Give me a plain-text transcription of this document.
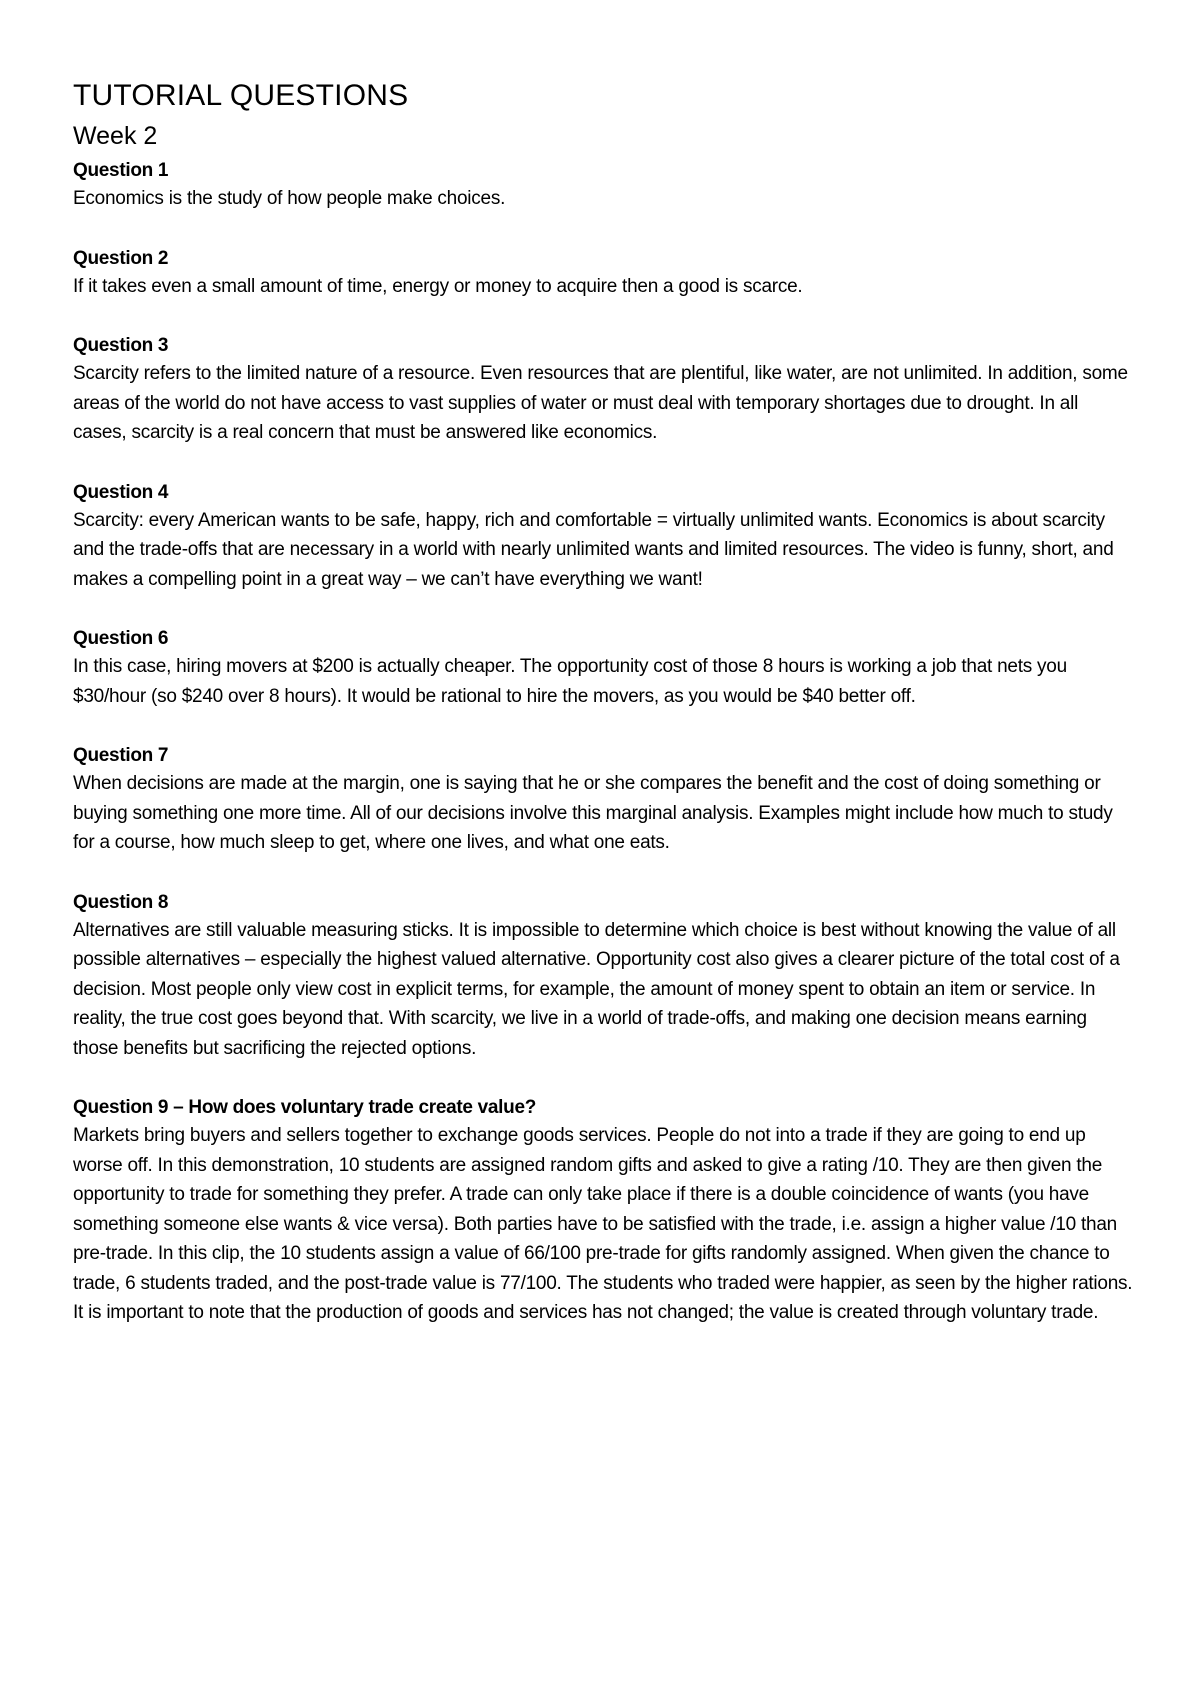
TUTORIAL QUESTIONS
Week 2
Question 1
Economics is the study of how people make choices.
Question 2
If it takes even a small amount of time, energy or money to acquire then a good is scarce.
Question 3
Scarcity refers to the limited nature of a resource. Even resources that are plentiful, like water, are not unlimited. In addition, some areas of the world do not have access to vast supplies of water or must deal with temporary shortages due to drought. In all cases, scarcity is a real concern that must be answered like economics.
Question 4
Scarcity: every American wants to be safe, happy, rich and comfortable = virtually unlimited wants. Economics is about scarcity and the trade-offs that are necessary in a world with nearly unlimited wants and limited resources. The video is funny, short, and makes a compelling point in a great way – we can’t have everything we want!
Question 6
In this case, hiring movers at $200 is actually cheaper. The opportunity cost of those 8 hours is working a job that nets you $30/hour (so $240 over 8 hours). It would be rational to hire the movers, as you would be $40 better off.
Question 7
When decisions are made at the margin, one is saying that he or she compares the benefit and the cost of doing something or buying something one more time. All of our decisions involve this marginal analysis. Examples might include how much to study for a course, how much sleep to get, where one lives, and what one eats.
Question 8
Alternatives are still valuable measuring sticks. It is impossible to determine which choice is best without knowing the value of all possible alternatives – especially the highest valued alternative. Opportunity cost also gives a clearer picture of the total cost of a decision. Most people only view cost in explicit terms, for example, the amount of money spent to obtain an item or service. In reality, the true cost goes beyond that. With scarcity, we live in a world of trade-offs, and making one decision means earning those benefits but sacrificing the rejected options.
Question 9 – How does voluntary trade create value?
Markets bring buyers and sellers together to exchange goods services. People do not into a trade if they are going to end up worse off. In this demonstration, 10 students are assigned random gifts and asked to give a rating /10. They are then given the opportunity to trade for something they prefer. A trade can only take place if there is a double coincidence of wants (you have something someone else wants & vice versa). Both parties have to be satisfied with the trade, i.e. assign a higher value /10 than pre-trade. In this clip, the 10 students assign a value of 66/100 pre-trade for gifts randomly assigned. When given the chance to trade, 6 students traded, and the post-trade value is 77/100. The students who traded were happier, as seen by the higher rations. It is important to note that the production of goods and services has not changed; the value is created through voluntary trade.
